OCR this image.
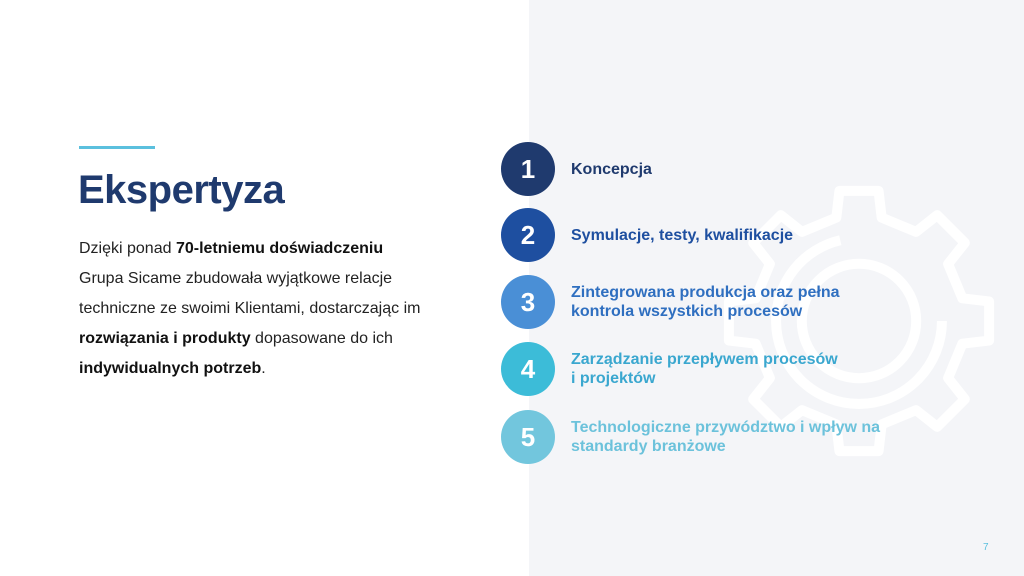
Ekspertyza

Dzięki ponad 70-letniemu doświadczeniu
Grupa Sicame zbudowała wyjątkowe relacje techniczne ze swoimi Klientami, dostarczając im rozwiązania i produkty dopasowane do ich indywidualnych potrzeb.

1	Koncepcja
2	Symulacje, testy, kwalifikacje
3	Zintegrowana produkcja oraz pełna
kontrola wszystkich procesów
4	Zarządzanie przepływem procesów
i projektów
5	Technologiczne przywództwo i wpływ na
standardy branżowe
7
